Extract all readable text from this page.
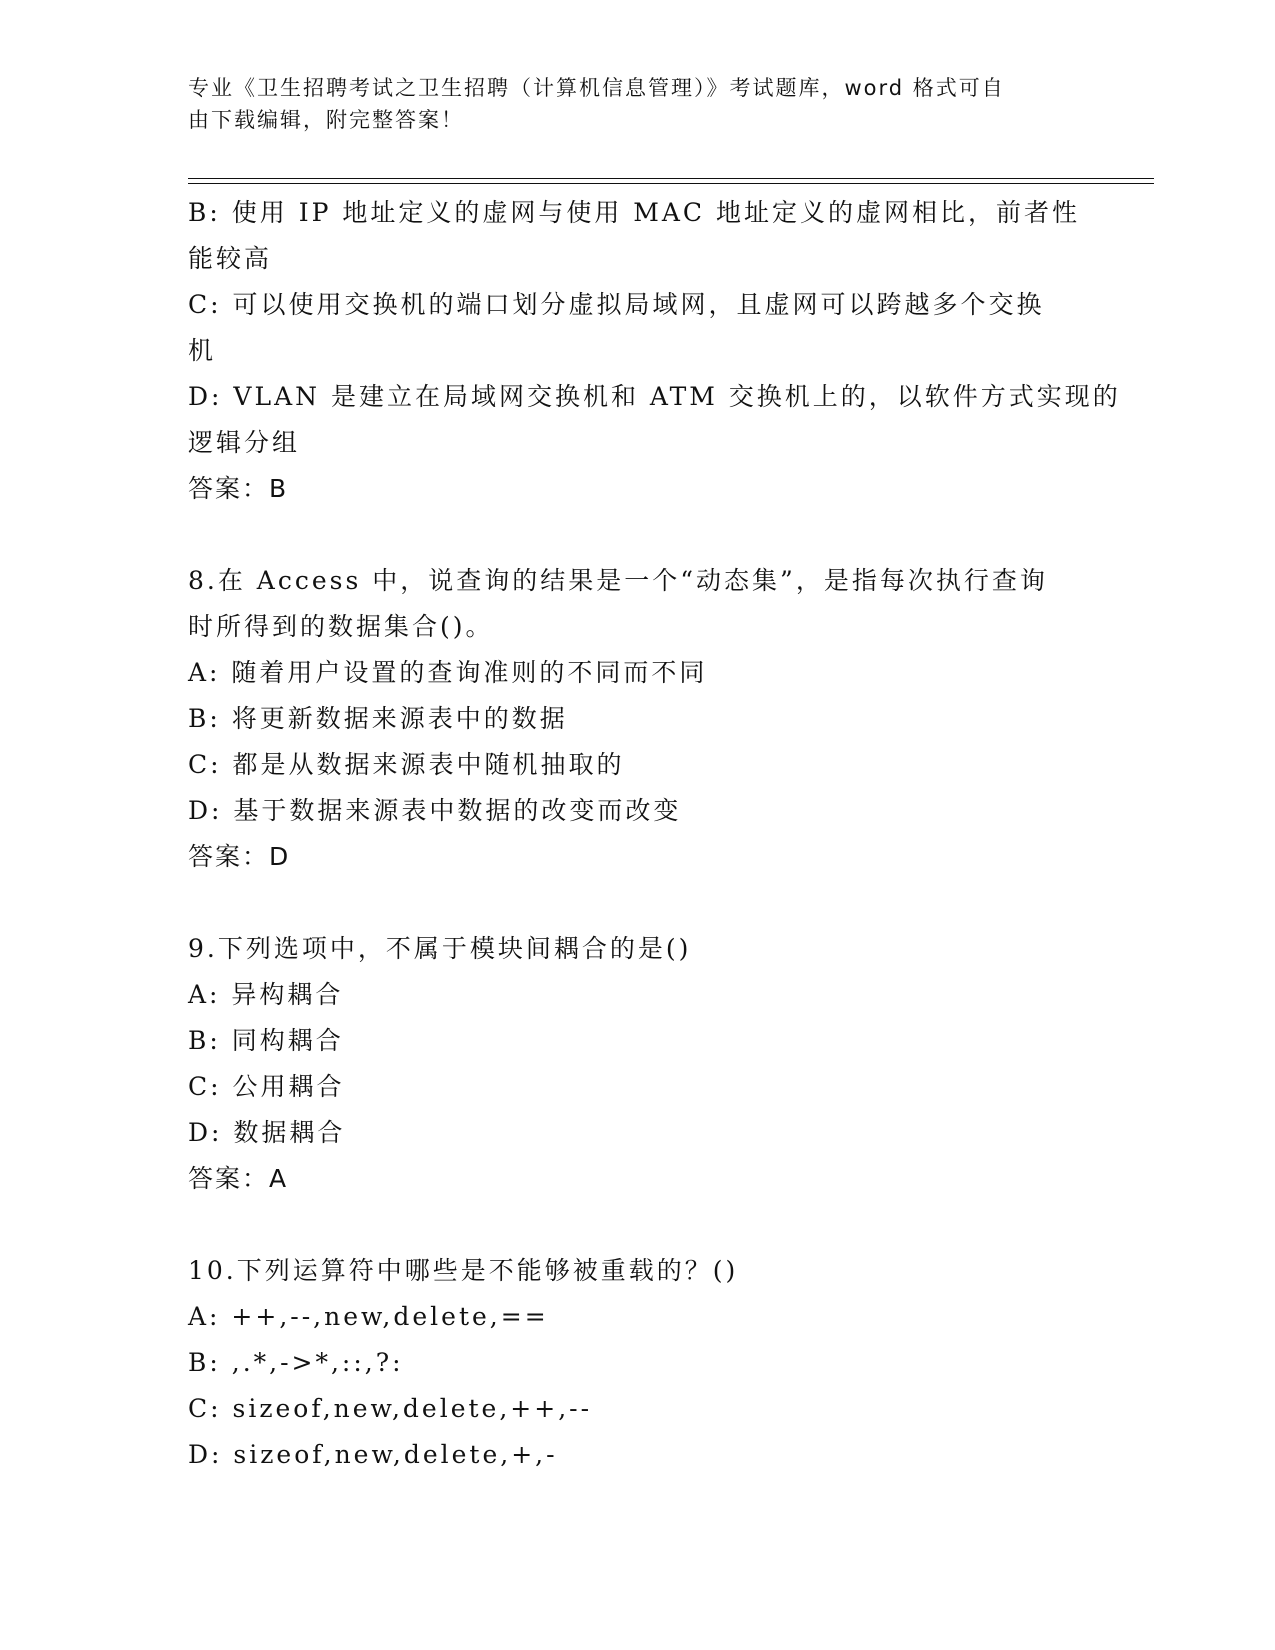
专业《卫生招聘考试之卫生招聘（计算机信息管理）》考试题库，word 格式可自
由下载编辑，附完整答案！
B: 使用 IP 地址定义的虚网与使用 MAC 地址定义的虚网相比，前者性
能较高
C: 可以使用交换机的端口划分虚拟局域网，且虚网可以跨越多个交换
机
D: VLAN 是建立在局域网交换机和 ATM 交换机上的，以软件方式实现的
逻辑分组
答案：B
8.在 Access 中，说查询的结果是一个“动态集”，是指每次执行查询
时所得到的数据集合()。
A: 随着用户设置的查询准则的不同而不同
B: 将更新数据来源表中的数据
C: 都是从数据来源表中随机抽取的
D: 基于数据来源表中数据的改变而改变
答案：D
9.下列选项中，不属于模块间耦合的是()
A: 异构耦合
B: 同构耦合
C: 公用耦合
D: 数据耦合
答案：A
10.下列运算符中哪些是不能够被重载的？()
A: ++,--,new,delete,==
B: ,.*,->*,::,?:
C: sizeof,new,delete,++,--
D: sizeof,new,delete,+,-
